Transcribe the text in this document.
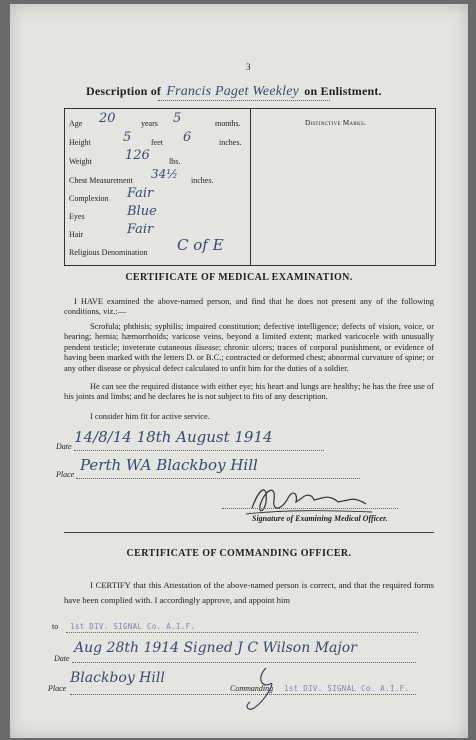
3
Description of Francis Paget Weekley on Enlistment.
Age 20	years 5	months.
Height 5 feet 6	inches.
Weight	126 lbs.
Chest Measurement 34½ inches.
Complexion Fair
Eyes	Blue
Hair	Fair
Religious Denomination C of E
Distinctive Marks.
CERTIFICATE OF MEDICAL EXAMINATION.
I HAVE examined the above-named person, and find that he does not present any of the following conditions, viz.:—
Scrofula; phthisis; syphilis; impaired constitution; defective intelligence; defects of vision, voice, or hearing; hernia; hæmorrhoids; varicose veins, beyond a limited extent; marked varicocele with unusually pendent testicle; inveterate cutaneous disease; chronic ulcers; traces of corporal punishment, or evidence of having been marked with the letters D. or B.C.; contracted or deformed chest; abnormal curvature of spine; or any other disease or physical defect calculated to unfit him for the duties of a soldier.
He can see the required distance with either eye; his heart and lungs are healthy; he has the free use of his joints and limbs; and he declares he is not subject to fits of any description.
I consider him fit for active service.
Date
14/8/14 18th August 1914
Place
Perth WA Blackboy Hill
Signature of Examining Medical Officer.
CERTIFICATE OF COMMANDING OFFICER.
I CERTIFY that this Attestation of the above-named person is correct, and that the required forms have been complied with. I accordingly approve, and appoint him
to 1st DIV. SIGNAL Co. A.I.F.
Date
Aug 28th 1914 Signed J C Wilson Major
Place
Blackboy Hill
Commanding 1st DIV. SIGNAL Co. A.I.F.
